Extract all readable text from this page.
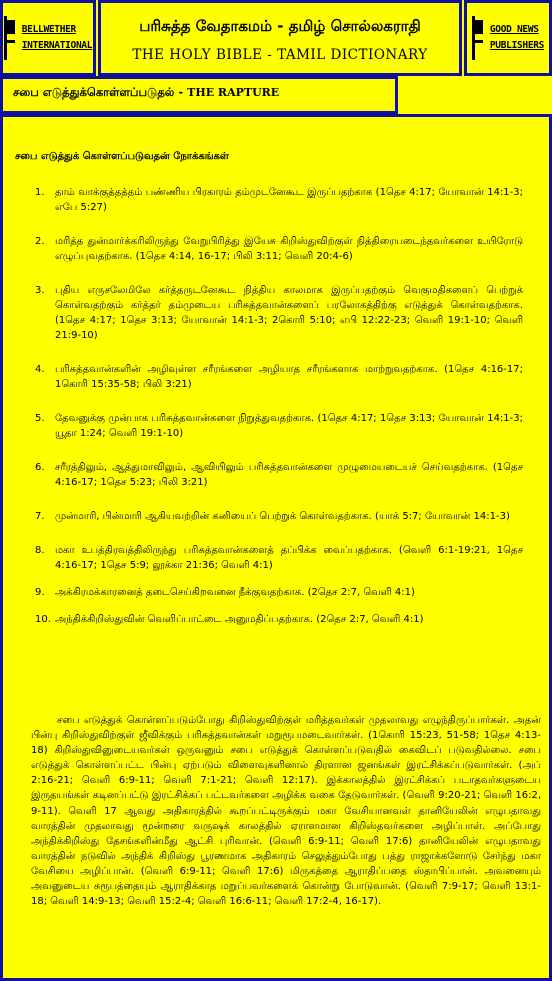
BELLWETHER
INTERNATIONAL
பரிசுத்த வேதாகமம் - தமிழ் சொல்லகராதி
THE HOLY BIBLE - TAMIL DICTIONARY
GOOD NEWS
PUBLISHERS
சபை எடுத்துக்கொள்ளப்படுதல் - THE RAPTURE
சபை எடுத்துக் கொள்ளப்படுவதன் நோக்கங்கள்
1. தாம் வாக்குத்தத்தம் பண்ணிய பிரகாரம் தம்முடனேகூட இருப்பதற்காக (1தெச 4:17; யோவான் 14:1-3; எபே 5:27)
2. மரித்த துன்மார்க்கரிலிருந்து வேறுபிரித்து இயேசு கிறிஸ்துவிற்குள் நித்திரையடைந்தவர்களை உயிரோடு எழுப்புவதற்காக. (1தெச 4:14, 16-17; பிலி 3:11; வெளி 20:4-6)
3. புதிய எருசலேமிலே கர்த்தருடனேகூட நித்திய காலமாக இருப்பதற்கும் வெகுமதிகளைப் பெற்றுக் கொள்வதற்கும் கர்த்தர் தம்முடைய பரிசுத்தவான்களைப் பரலோகத்திற்கு எடுத்துக் கொள்வதற்காக. (1தெச 4:17; 1தெச 3:13; யோவான் 14:1-3; 2கொரி 5:10; எபி 12:22-23; வெளி 19:1-10; வெளி 21:9-10)
4. பரிசுத்தவான்களின் அழிவுள்ள சரீரங்களை அழியாத சரீரங்களாக மாற்றுவதற்காக. (1தெச 4:16-17; 1கொரி 15:35-58; பிலி 3:21)
5. தேவனுக்கு முன்பாக பரிசுத்தவான்களை நிறுத்துவதற்காக. (1தெச 4:17; 1தெச 3:13; யோவான் 14:1-3; யூதா 1:24; வெளி 19:1-10)
6. சரீரத்திலும், ஆத்துமாவிலும், ஆவியிலும் பரிசுத்தவான்களை முழுமையடையச் செய்வதற்காக. (1தெச 4:16-17; 1தெச 5:23; பிலி 3:21)
7. முன்மாரி, பின்மாரி ஆகியவற்றின் கனியைப் பெற்றுக் கொள்வதற்காக. (யாக் 5:7; யோவான் 14:1-3)
8. மகா உபத்திரவத்திலிருந்து பரிசுத்தவான்களைத் தப்பிக்க வைப்பதற்காக. (வெளி 6:1-19:21, 1தெச 4:16-17; 1தெச 5:9; லூக்கா 21:36; வெளி 4:1)
9. அக்கிரமக்காரனைத் தடைசெய்கிறவனை நீக்குவதற்காக. (2தெச 2:7, வெளி 4:1)
10. அந்திக்கிறிஸ்துவின் வெளிப்பாட்டை அனுமதிப்பதற்காக. (2தெச 2:7, வெளி 4:1)

சபை எடுத்துக் கொள்ளப்படும்போது கிறிஸ்துவிற்குள் மரித்தவர்கள் முதலாவது எழுந்திருப்பார்கள். அதன் பின்பு கிறிஸ்துவிற்குள் ஜீவிக்கும் பரிசுத்தவான்கள் மறுரூபமடைவார்கள். (1கொரி 15:23, 51-58; 1தெச 4:13-18) கிறிஸ்துவினுடையவர்கள் ஒருவனும் சபை எடுத்துக் கொள்ளப்படுவதில் கைவிடப் படுவதில்லை. சபை எடுத்துக் கொள்ளப்பட்ட பின்பு ஏற்படும் விளைவுகளினால் திரளான ஜனங்கள் இரட்சிக்கப்படுவார்கள். (அப் 2:16-21; வெளி 6:9-11; வெளி 7:1-21; வெளி 12:17). இக்காலத்தில் இரட்சிக்கப் படாதவர்களுடைய இருதயங்கள் கடினப்பட்டு இரட்சிக்கப் பட்டவர்களை அழிக்க வகை தேடுவார்கள். (வெளி 9:20-21; வெளி 16:2, 9-11). வெளி 17 ஆவது அதிகாரத்தில் கூறப்பட்டிருக்கும் மகா வேசியானவள் தானியேலின் எழுபதாவது வாரத்தின் முதலாவது மூன்றரை வருஷக் காலத்தில் ஏராளமான கிறிஸ்தவர்களை அழிப்பாள். அப்போது அந்திக்கிறிஸ்து தேசங்களின்மீது ஆட்சி புரிவான். (வெளி 6:9-11; வெளி 17:6) தானியேலின் எழுபதாவது வாரத்தின் நடுவில் அந்திக் கிறிஸ்து பூரணமாக அதிகாரம் செலுத்தும்போது பத்து ராஜாக்களோடு சேர்ந்து மகா வேசியை அழிப்பான். (வெளி 6:9-11; வெளி 17:6) மிருகத்தை ஆராதிப்பதை ஸ்தாபிப்பான். அவனையும் அவனுடைய சுரூபத்தையும் ஆராதிக்காத மறுப்பவர்களைக் கொன்று போடுவான். (வெளி 7:9-17; வெளி 13:1-18; வெளி 14:9-13; வெளி 15:2-4; வெளி 16:6-11; வெளி 17:2-4, 16-17).
